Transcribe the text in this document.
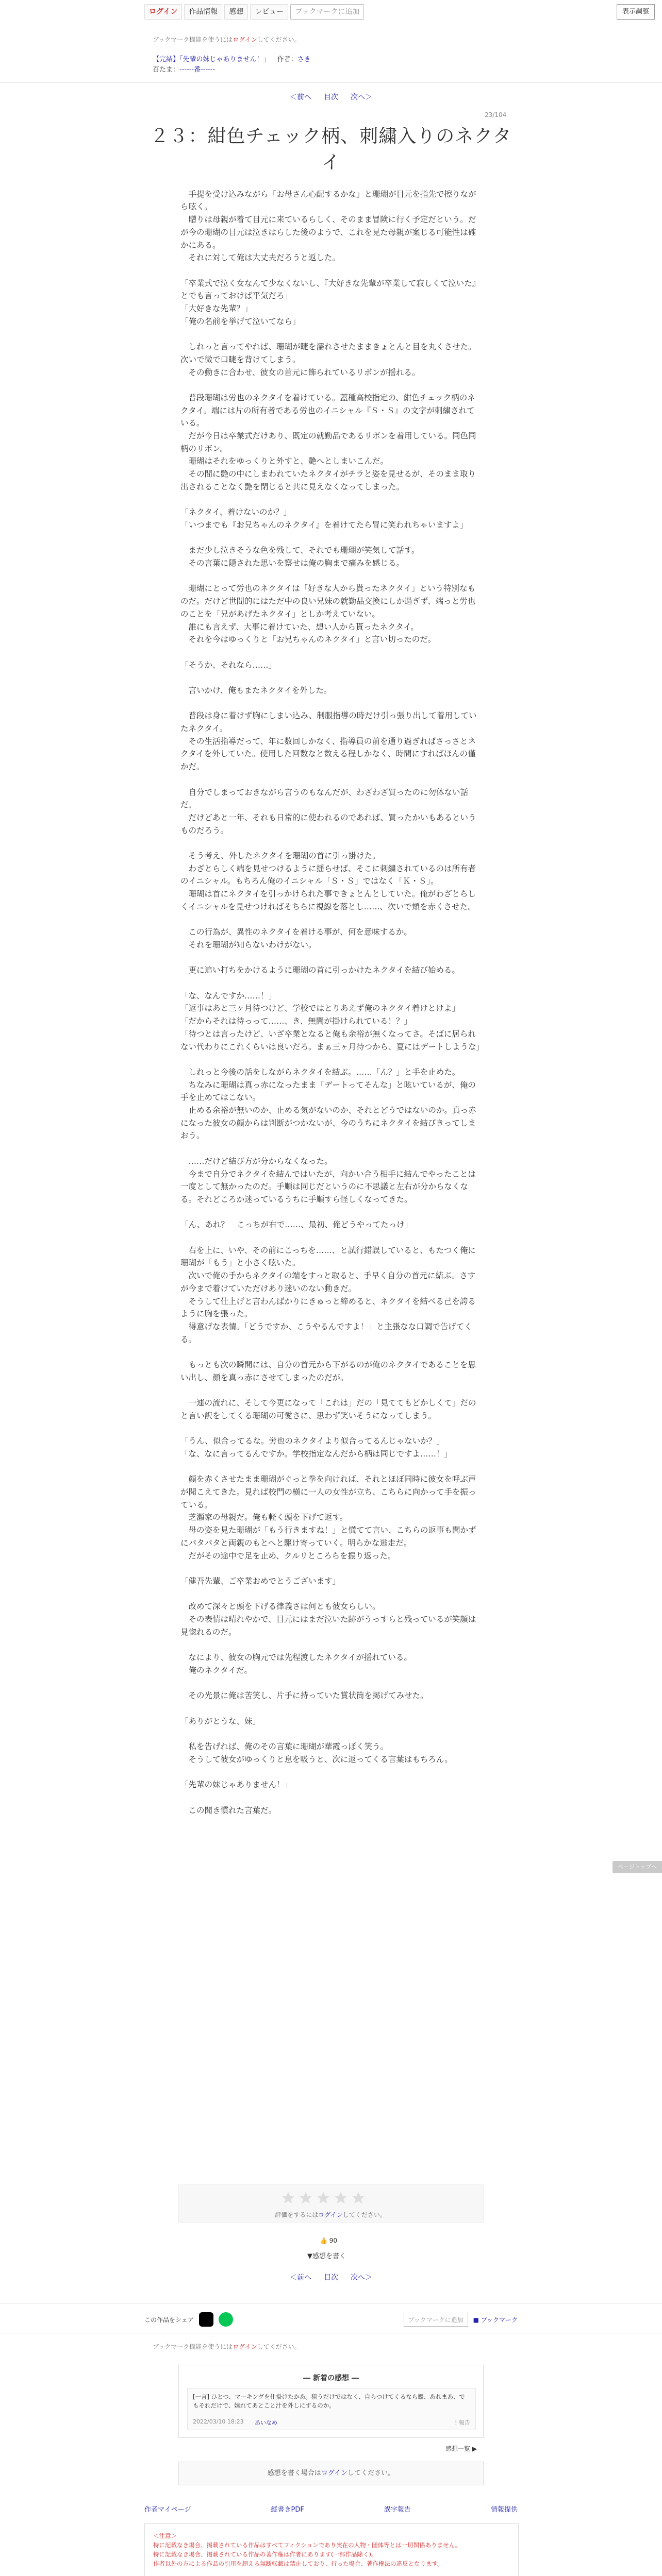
ログイン	作品情報	感想	レビュー	ブックマークに追加	表示調整
ブックマーク機能を使うにはログインしてください。
【完結】「先輩の妹じゃありません！」 作者：さき
百たま：------番------
＜前へ 目次 次へ＞
23/104
２３：紺色チェック柄、刺繍入りのネクタイ

　手提を受け込みながら「お母さん心配するかな」と珊瑚が目元を指先で擦りながら呟く。

　贈りは母親が着て目元に来ているらしく、そのまま冒険に行く予定だという。だが今の珊瑚の目元は泣きはらした後のようで、これを見た母親が案じる可能性は確かにある。

　それに対して俺は大丈夫だろうと返した。

「卒業式で泣く女なんて少なくないし、『大好きな先輩が卒業して寂しくて泣いた』とでも言っておけば平気だろ」

「大好きな先輩？」

「俺の名前を挙げて泣いてなら」

　しれっと言ってやれば、珊瑚が睫を濡れさせたままきょとんと目を丸くさせた。次いで微で口睫を背けてしまう。

　その動きに合わせ、彼女の首元に飾られているリボンが揺れる。

　普段珊瑚は労也のネクタイを着けている。蓋種高校指定の、紺色チェック柄のネクタイ。端には片の所有者である労也のイニシャル『Ｓ・Ｓ』の文字が刺繍されている。

　だが今日は卒業式だけあり、既定の就勤品であるリボンを着用している。同色同柄のリボン。

　珊瑚はそれをゆっくりと外すと、艶へとしまいこんだ。

　その間に艶の中にしまわれていたネクタイがチラと姿を見せるが、そのまま取り出されることなく艶を閉じると共に見えなくなってしまった。

「ネクタイ、着けないのか？」

「いつまでも『お兄ちゃんのネクタイ』を着けてたら冒に笑われちゃいますよ」

　まだ少し泣きそうな色を残して、それでも珊瑚が笑気して話す。

　その言葉に隠された思いを察せは俺の胸まで痛みを感じる。

　珊瑚にとって労也のネクタイは「好きな人から貰ったネクタイ」という特別なものだ。だけど世間的にはただ中の良い兄妹の就勤品交換にしか過ぎず、端っと労也のことを「兄があげたネクタイ」としか考えていない。

　誰にも言えず、大事に着けていた、想い人から貰ったネクタイ。

　それを今はゆっくりと「お兄ちゃんのネクタイ」と言い切ったのだ。

「そうか、それなら……」

　言いかけ、俺もまたネクタイを外した。

　普段は身に着けず胸にしまい込み、制服指導の時だけ引っ張り出して着用していたネクタイ。

　その生活指導だって、年に数回しかなく、指導員の前を通り過ぎればさっさとネクタイを外していた。使用した回数なと数える程しかなく、時間にすればほんの僅かだ。

　自分でしまっておきながら言うのもなんだが、わざわざ買ったのに勿体ない話だ。

　だけどあと一年、それも日常的に使われるのであれば、買ったかいもあるというものだろう。

　そう考え、外したネクタイを珊瑚の首に引っ掛けた。

　わざとらしく端を見せつけるように揺らせば、そこに刺繍されているのは所有者のイニシャル。もちろん俺のイニシャル「Ｓ・Ｓ」ではなく「Ｋ・Ｓ」。

　珊瑚は首にネクタイを引っかけられた事できょとんとしていた。俺がわざとらしくイニシャルを見せつければそちらに視線を落とし……、次いで頬を赤くさせた。

　この行為が、異性のネクタイを着ける事が、何を意味するか。

　それを珊瑚が知らないわけがない。

　更に追い打ちをかけるように珊瑚の首に引っかけたネクタイを結び始める。

「な、なんですか……！」

「返事はあと三ヶ月待つけど、学校ではとりあえず俺のネクタイ着けとけよ」

「だからそれは待っって……、き、無闇が掛けられている！？」

「待つとは言ったけど、いざ卒業となると俺も余裕が無くなってさ。そばに居られない代わりにこれくらいは良いだろ。まぁ三ヶ月待つから、夏にはデートしような」

　しれっと今後の話をしながらネクタイを結ぶ。……「ん？」と手を止めた。

　ちなみに珊瑚は真っ赤になったまま「デートってそんな」と呟いているが、俺の手を止めてはこない。

　止める余裕が無いのか、止める気がないのか、それとどうではないのか。真っ赤になった彼女の顔からは判断がつかないが、今のうちにネクタイを結びきってしまおう。

　……だけど結び方が分からなくなった。

　今まで自分でネクタイを結んではいたが、向かい合う相手に結んでやったことは一度として無かったのだ。手順は同じだというのに不思議と左右が分からなくなる。それどころか迷っているうちに手順すら怪しくなってきた。

「ん、あれ？　こっちが右で……、最初、俺どうやってたっけ」

　右を上に、いや、その前にこっちを……、と試行錯誤していると、もたつく俺に珊瑚が「もう」と小さく呟いた。

　次いで俺の手からネクタイの端をすっと取ると、手早く自分の首元に結ぶ。さすが今まで着けていただけあり迷いのない動きだ。

　そうして仕上げと言わんばかりにきゅっと締めると、ネクタイを結べる己を誇るように胸を張った。

　得意げな表情。「どうですか、こうやるんですよ！」と主張なな口調で告げてくる。

　もっとも次の瞬間には、自分の首元から下がるのが俺のネクタイであることを思い出し、顔を真っ赤にさせてしまったのだが。

　一連の流れに、そして今更になって「これは」だの「見ててもどかしくて」だのと言い訳をしてくる珊瑚の可愛さに、思わず笑いそうになってしまう。

「うん、似合ってるな。労也のネクタイより似合ってるんじゃないか？」

「な、なに言ってるんですか。学校指定なんだから柄は同じですよ……！」

　顔を赤くさせたまま珊瑚がぐっと拳を向ければ、それとほぼ同時に彼女を呼ぶ声が聞こえてきた。見れば校門の横に一人の女性が立ち、こちらに向かって手を振っている。

　芝瀬家の母親だ。俺も軽く頭を下げて返す。

　母の姿を見た珊瑚が「もう行きますね！」と慌てて言い、こちらの返事も聞かずにパタパタと両親のもとへと駆け寄っていく。明らかな逃走だ。

　だがその途中で足を止め、クルリところらを振り返った。

「健吾先輩、ご卒業おめでとうございます」

　改めて深々と頭を下げる律義さは何とも彼女らしい。

　その表情は晴れやかで、目元にはまだ泣いた跡がうっすらと残っているが笑顔は見惚れるのだ。

　なにより、彼女の胸元では先程渡したネクタイが揺れている。

　俺のネクタイだ。

　その光景に俺は苦笑し、片手に持っていた賞状筒を掲げてみせた。

「ありがとうな、妹」

　私を告げれば、俺のその言葉に珊瑚が華霞っぽく笑う。

　そうして彼女がゆっくりと息を吸うと、次に返ってくる言葉はもちろん。

「先輩の妹じゃありません！」

　この聞き慣れた言葉だ。

ページトップへ
評価をするにはログインしてください。
👍 90
▼感想を書く
＜前へ 目次 次へ＞
この作品をシェア	ブックマークに追加	■ ブックマーク
ブックマーク機能を使うにはログインしてください。
― 新着の感想 ―
[一言] ひとつ、マーキングを仕掛けたかあ。狙うだけではなく、自らつけてくるなら観、あれまあ、でもそれだけで、嬉れてあとこと汁を外しにするのか。
2022/03/10 18:23 あいなめ	! 報告
感想一覧 ▶
感想を書く場合はログインしてください。
作者マイページ	縦書きPDF	誤字報告	情報提供
＜注意＞
特に記載なき場合、掲載されている作品はすべてフィクションであり実在の人物・団体等とは一切関係ありません。
特に記載なき場合、掲載されている作品の著作権は作者にあります(一部作品除く)。
作者以外の方による作品の引用を超える無断転載は禁止しており、行った場合、著作権法の違反となります。
